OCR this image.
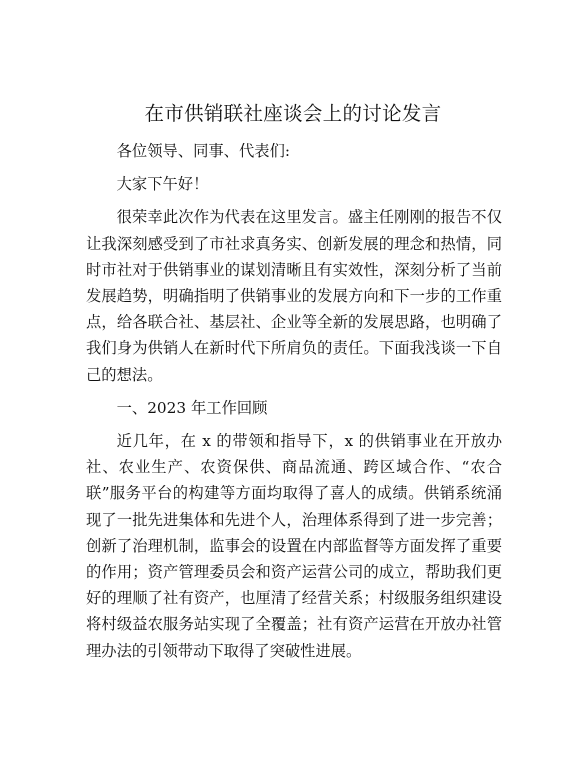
在市供销联社座谈会上的讨论发言

各位领导、同事、代表们:

大家下午好！

很荣幸此次作为代表在这里发言。盛主任刚刚的报告不仅让我深刻感受到了市社求真务实、创新发展的理念和热情，同时市社对于供销事业的谋划清晰且有实效性，深刻分析了当前发展趋势，明确指明了供销事业的发展方向和下一步的工作重点，给各联合社、基层社、企业等全新的发展思路，也明确了我们身为供销人在新时代下所肩负的责任。下面我浅谈一下自己的想法。

一、2023 年工作回顾

近几年，在 x 的带领和指导下，x 的供销事业在开放办社、农业生产、农资保供、商品流通、跨区域合作、“农合联”服务平台的构建等方面均取得了喜人的成绩。供销系统涌现了一批先进集体和先进个人，治理体系得到了进一步完善；创新了治理机制，监事会的设置在内部监督等方面发挥了重要的作用；资产管理委员会和资产运营公司的成立，帮助我们更好的理顺了社有资产，也厘清了经营关系；村级服务组织建设将村级益农服务站实现了全覆盖；社有资产运营在开放办社管理办法的引领带动下取得了突破性进展。
